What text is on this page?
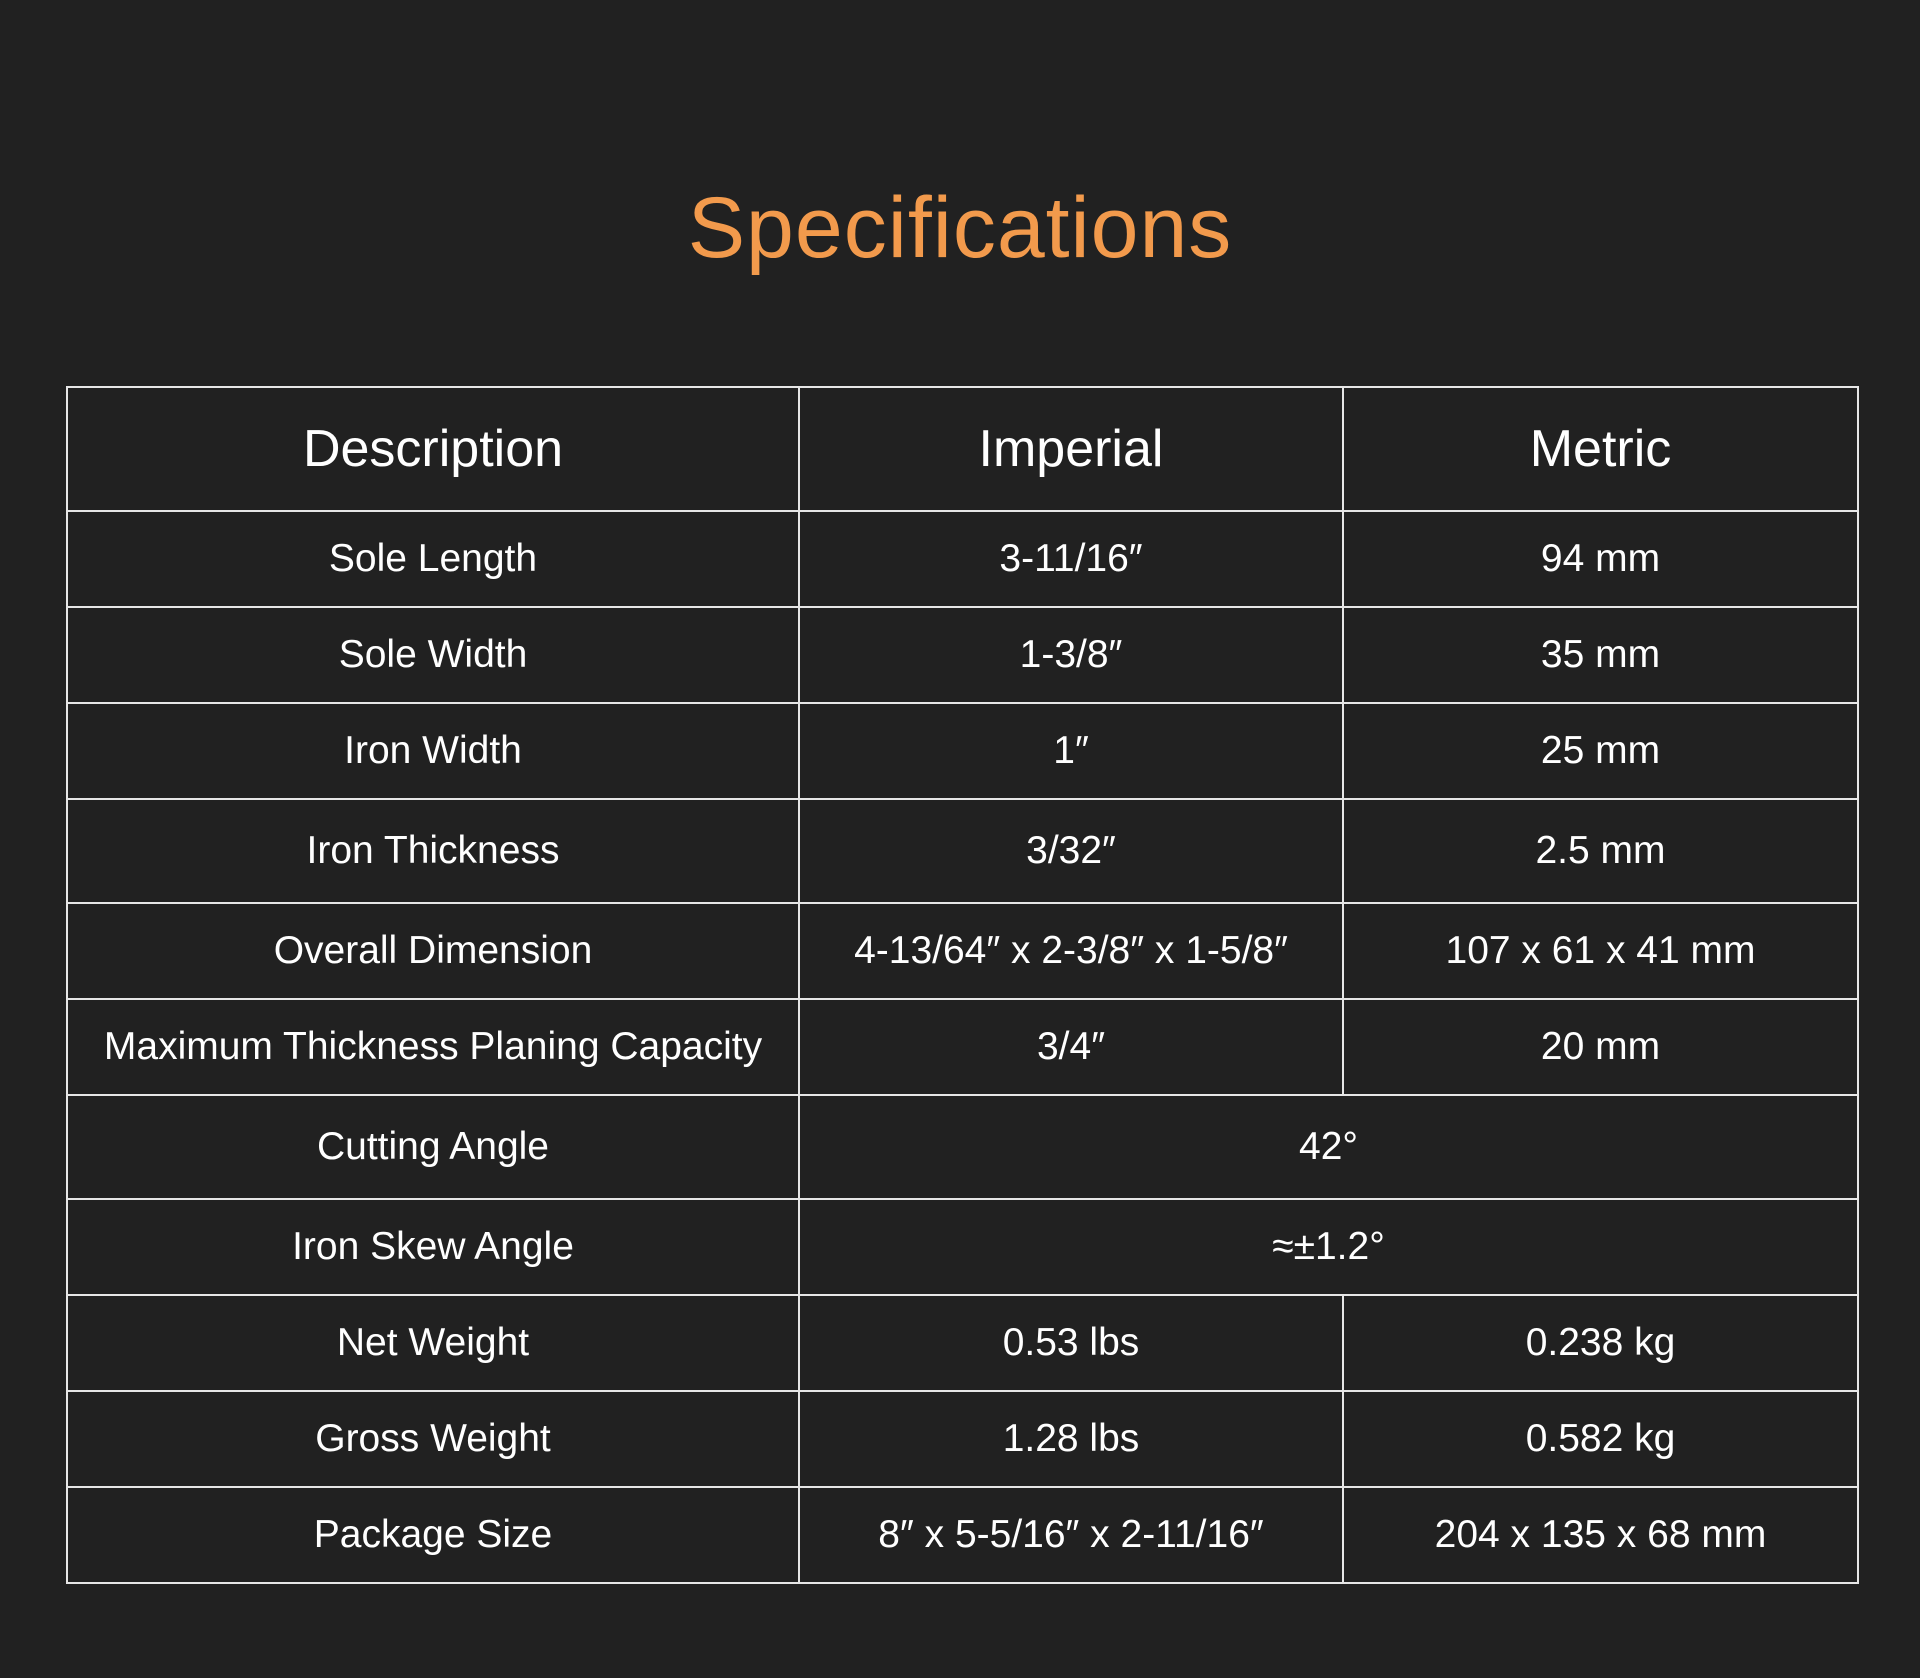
Specifications
Description	Imperial	Metric
Sole Length	3-11/16″	94 mm
Sole Width	1-3/8″	35 mm
Iron Width	1″	25 mm
Iron Thickness	3/32″	2.5 mm
Overall Dimension	4-13/64″ x 2-3/8″ x 1-5/8″	107 x 61 x 41 mm
Maximum Thickness Planing Capacity	3/4″	20 mm
Cutting Angle	42°	
Iron Skew Angle	≈±1.2°	
Net Weight	0.53 lbs	0.238 kg
Gross Weight	1.28 lbs	0.582 kg
Package Size	8″ x 5-5/16″ x 2-11/16″	204 x 135 x 68 mm
